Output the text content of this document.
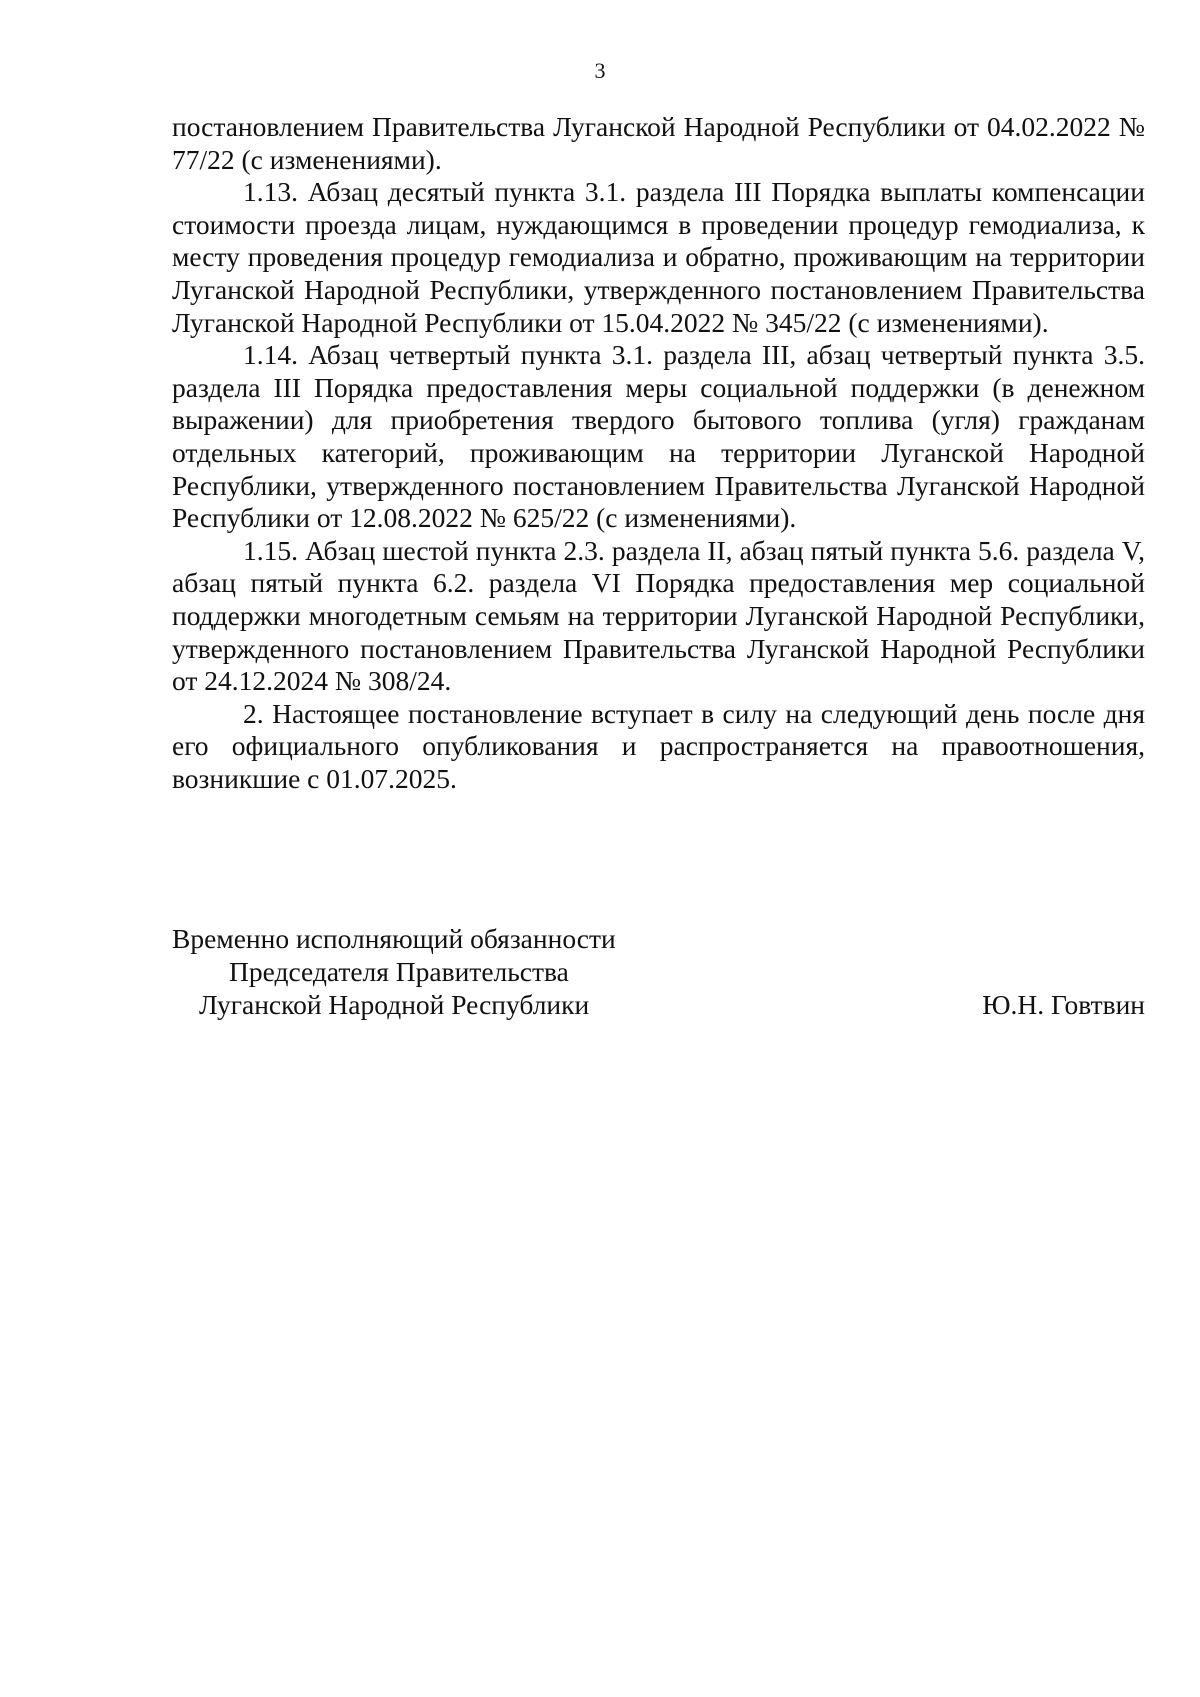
3

постановлением Правительства Луганской Народной Республики от 04.02.2022 № 77/22 (с изменениями).

1.13. Абзац десятый пункта 3.1. раздела III Порядка выплаты компенсации стоимости проезда лицам, нуждающимся в проведении процедур гемодиализа, к месту проведения процедур гемодиализа и обратно, проживающим на территории Луганской Народной Республики, утвержденного постановлением Правительства Луганской Народной Республики от 15.04.2022 № 345/22 (с изменениями).

1.14. Абзац четвертый пункта 3.1. раздела III, абзац четвертый пункта 3.5. раздела III Порядка предоставления меры социальной поддержки (в денежном выражении) для приобретения твердого бытового топлива (угля) гражданам отдельных категорий, проживающим на территории Луганской Народной Республики, утвержденного постановлением Правительства Луганской Народной Республики от 12.08.2022 № 625/22 (с изменениями).

1.15. Абзац шестой пункта 2.3. раздела II, абзац пятый пункта 5.6. раздела V, абзац пятый пункта 6.2. раздела VI Порядка предоставления мер социальной поддержки многодетным семьям на территории Луганской Народной Республики, утвержденного постановлением Правительства Луганской Народной Республики от 24.12.2024 № 308/24.

2. Настоящее постановление вступает в силу на следующий день после дня его официального опубликования и распространяется на правоотношения, возникшие с 01.07.2025.

Временно исполняющий обязанности
Председателя Правительства
Луганской Народной Республики	Ю.Н. Говтвин
